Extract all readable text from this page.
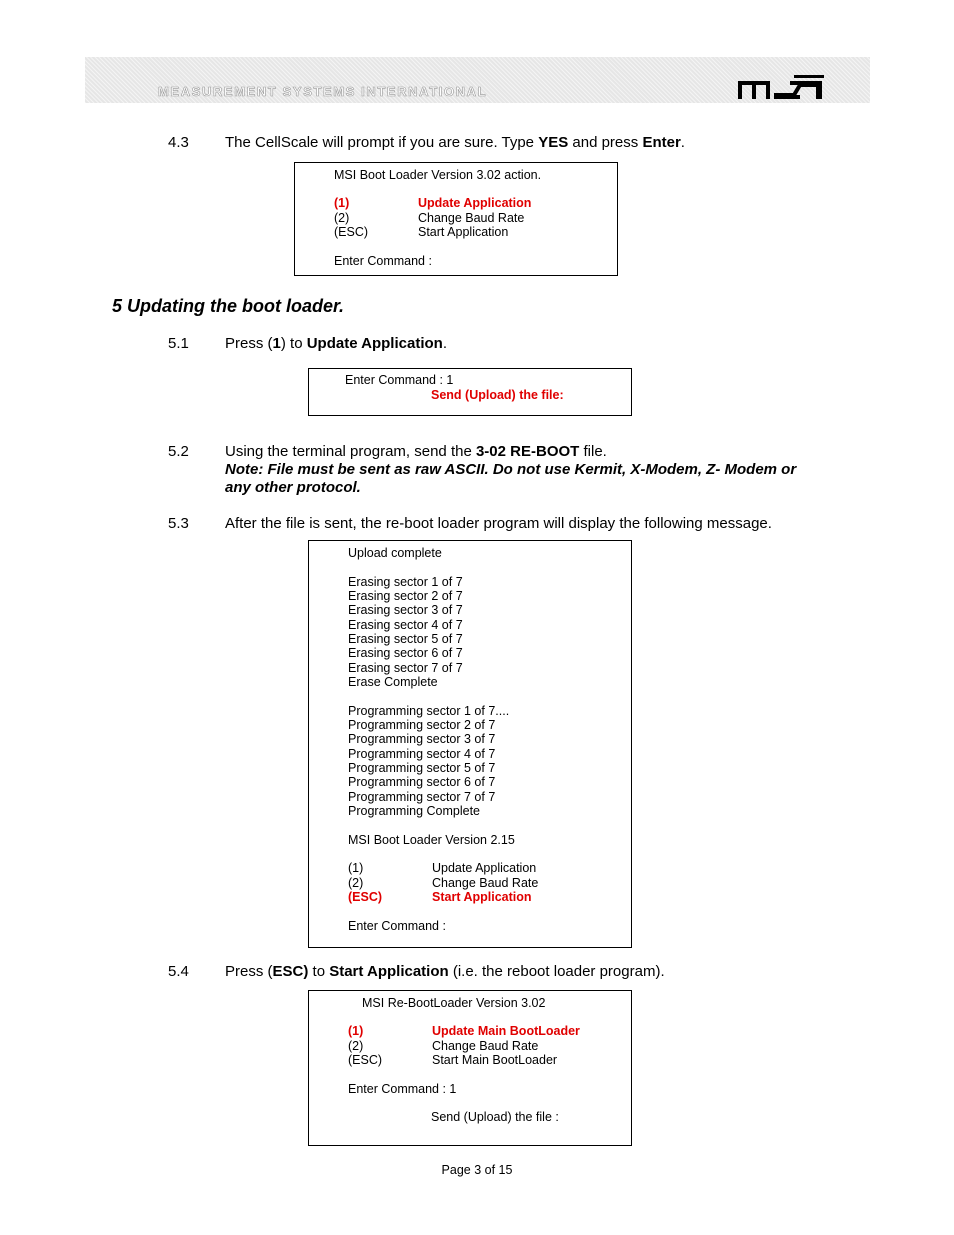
MEASUREMENT SYSTEMS INTERNATIONAL
4.3 The CellScale will prompt if you are sure. Type YES and press Enter.
MSI Boot Loader Version 3.02 action.
(1)	Update Application
(2)	Change Baud Rate
(ESC)	Start Application
Enter Command :
5 Updating the boot loader.
5.1 Press (1) to Update Application.
Enter Command : 1
Send (Upload) the file:
5.2 Using the terminal program, send the 3-02 RE-BOOT file.
Note: File must be sent as raw ASCII. Do not use Kermit, X-Modem, Z- Modem or
any other protocol.
5.3 After the file is sent, the re-boot loader program will display the following message.
Upload complete
Erasing sector 1 of 7
Erasing sector 2 of 7
Erasing sector 3 of 7
Erasing sector 4 of 7
Erasing sector 5 of 7
Erasing sector 6 of 7
Erasing sector 7 of 7
Erase Complete
Programming sector 1 of 7....
Programming sector 2 of 7
Programming sector 3 of 7
Programming sector 4 of 7
Programming sector 5 of 7
Programming sector 6 of 7
Programming sector 7 of 7
Programming Complete
MSI Boot Loader Version 2.15
(1)	Update Application
(2)	Change Baud Rate
(ESC)	Start Application
Enter Command :
5.4 Press (ESC) to Start Application (i.e. the reboot loader program).
MSI Re-BootLoader Version 3.02
(1)	Update Main BootLoader
(2)	Change Baud Rate
(ESC)	Start Main BootLoader
Enter Command : 1
Send (Upload) the file :
Page 3 of 15
